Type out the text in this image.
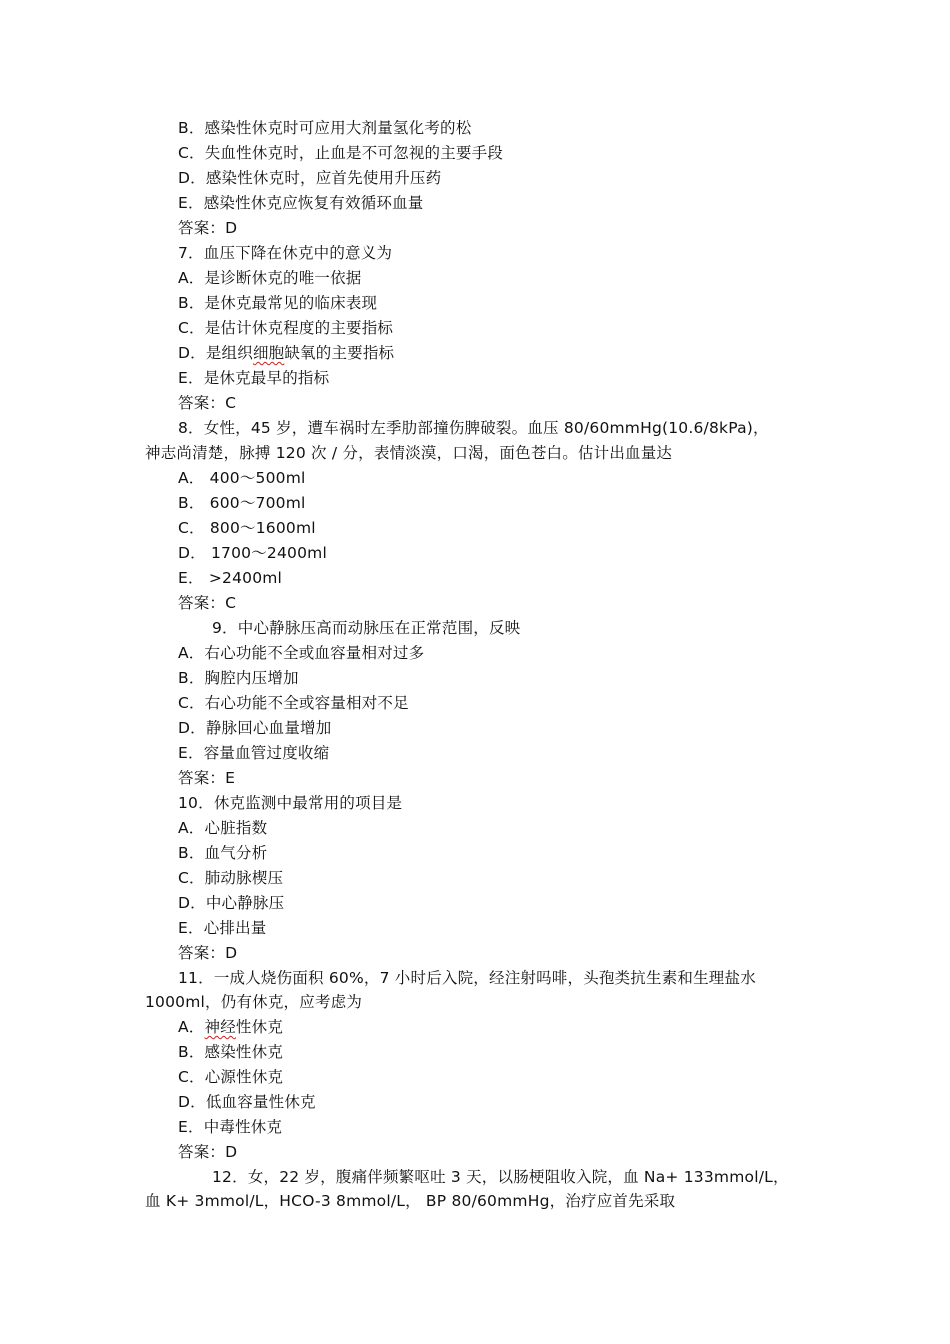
B．感染性休克时可应用大剂量氢化考的松
C．失血性休克时，止血是不可忽视的主要手段
D．感染性休克时，应首先使用升压药
E．感染性休克应恢复有效循环血量
答案：D
7．血压下降在休克中的意义为
A．是诊断休克的唯一依据
B．是休克最常见的临床表现
C．是估计休克程度的主要指标
D．是组织细胞缺氧的主要指标
E．是休克最早的指标
答案：C
8．女性，45 岁，遭车祸时左季肋部撞伤脾破裂。血压 80/60mmHg(10.6/8kPa)，
神志尚清楚，脉搏 120 次 / 分，表情淡漠，口渴，面色苍白。估计出血量达
A． 400～500ml
B． 600～700ml
C． 800～1600ml
D． 1700～2400ml
E． >2400ml
答案：C
9．中心静脉压高而动脉压在正常范围，反映
A．右心功能不全或血容量相对过多
B．胸腔内压增加
C．右心功能不全或容量相对不足
D．静脉回心血量增加
E．容量血管过度收缩
答案：E
10．休克监测中最常用的项目是
A．心脏指数
B．血气分析
C．肺动脉楔压
D．中心静脉压
E．心排出量
答案：D
11．一成人烧伤面积 60%，7 小时后入院，经注射吗啡，头孢类抗生素和生理盐水
1000ml，仍有休克，应考虑为
A．神经性休克
B．感染性休克
C．心源性休克
D．低血容量性休克
E．中毒性休克
答案：D
12．女，22 岁，腹痛伴频繁呕吐 3 天，以肠梗阻收入院，血 Na+ 133mmol/L，
血 K+ 3mmol/L，HCO-3 8mmol/L， BP 80/60mmHg，治疗应首先采取
